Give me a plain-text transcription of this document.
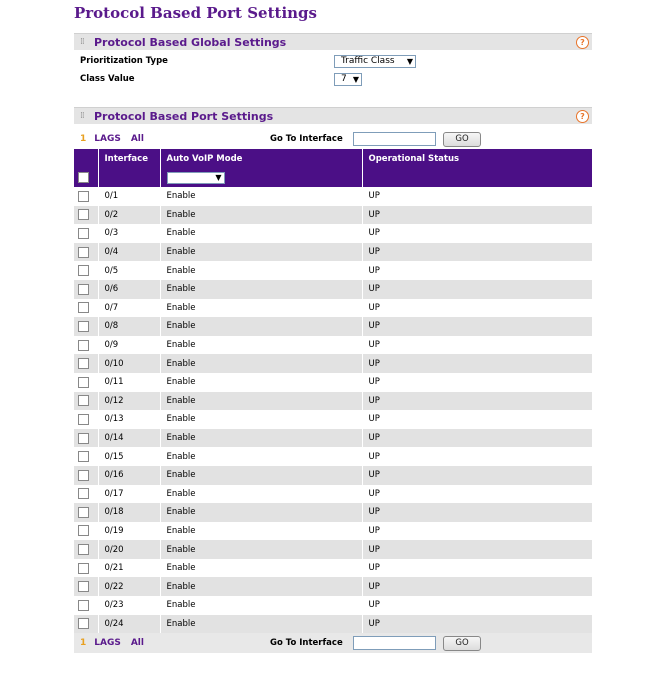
Protocol Based Port Settings
⁞⁞ Protocol Based Global Settings	?
Prioritization Type	Traffic Class	▼
Class Value	7 ▼
⁞⁞ Protocol Based Port Settings	?
1 LAGS All	Go To Interface	GO
	Interface	Auto VoIP Mode	Operational Status

		▼	

	0/1	Enable	UP
	0/2	Enable	UP
	0/3	Enable	UP
	0/4	Enable	UP
	0/5	Enable	UP
	0/6	Enable	UP
	0/7	Enable	UP
	0/8	Enable	UP
	0/9	Enable	UP
	0/10	Enable	UP
	0/11	Enable	UP
	0/12	Enable	UP
	0/13	Enable	UP
	0/14	Enable	UP
	0/15	Enable	UP
	0/16	Enable	UP
	0/17	Enable	UP
	0/18	Enable	UP
	0/19	Enable	UP
	0/20	Enable	UP
	0/21	Enable	UP
	0/22	Enable	UP
	0/23	Enable	UP
	0/24	Enable	UP
1 LAGS All	Go To Interface	GO
